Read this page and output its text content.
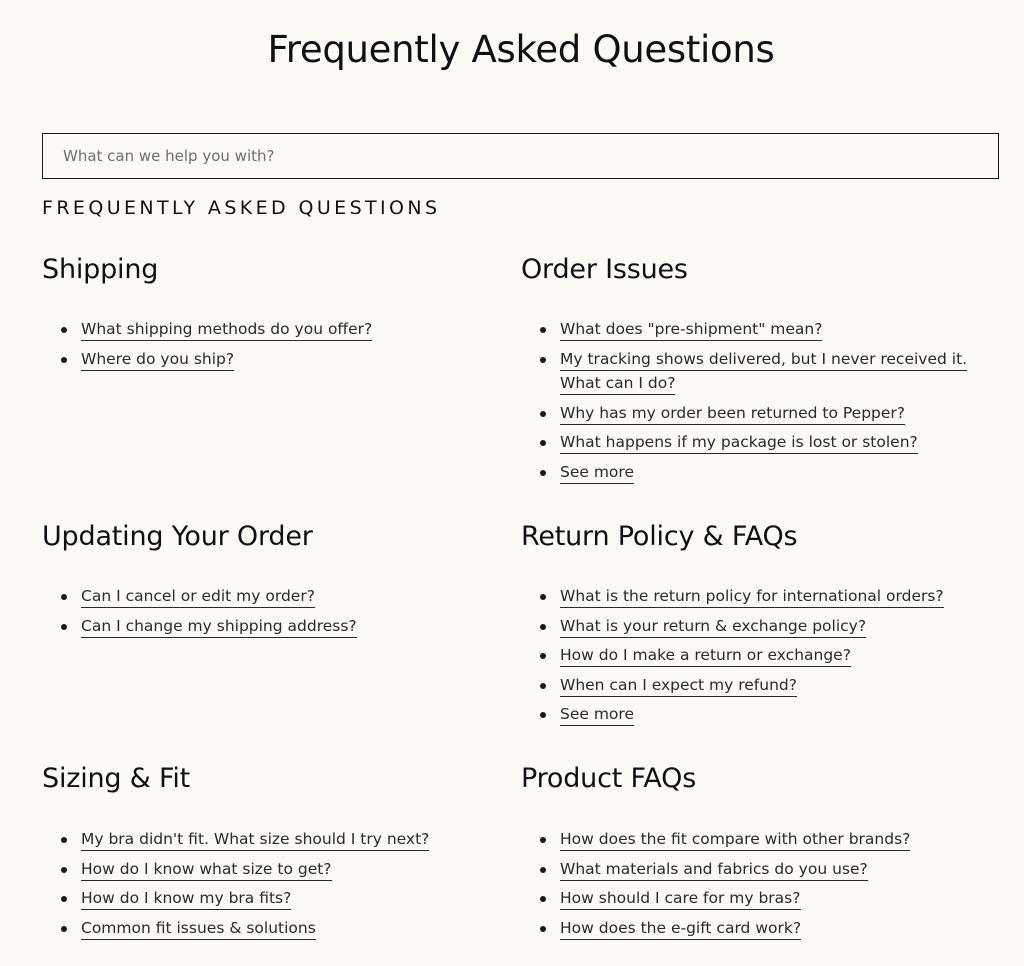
Frequently Asked Questions
What can we help you with?
FREQUENTLY ASKED QUESTIONS
Shipping
What shipping methods do you offer?
Where do you ship?
Order Issues
What does "pre-shipment" mean?
My tracking shows delivered, but I never received it. What can I do?
Why has my order been returned to Pepper?
What happens if my package is lost or stolen?
See more
Updating Your Order
Can I cancel or edit my order?
Can I change my shipping address?
Return Policy & FAQs
What is the return policy for international orders?
What is your return & exchange policy?
How do I make a return or exchange?
When can I expect my refund?
See more
Sizing & Fit
My bra didn't fit. What size should I try next?
How do I know what size to get?
How do I know my bra fits?
Common fit issues & solutions
Product FAQs
How does the fit compare with other brands?
What materials and fabrics do you use?
How should I care for my bras?
How does the e-gift card work?
